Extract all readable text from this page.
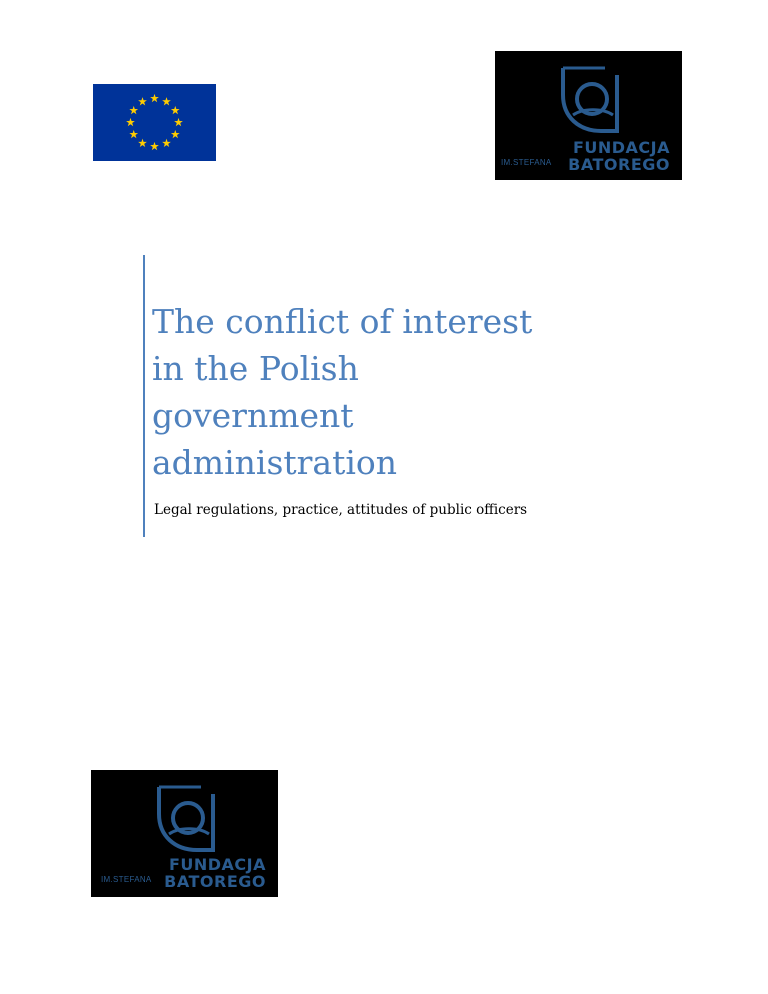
IM.STEFANA
FUNDACJA
BATOREGO
The conflict of interest
in the Polish
government
administration

Legal regulations, practice, attitudes of public officers

IM.STEFANA
FUNDACJA
BATOREGO
